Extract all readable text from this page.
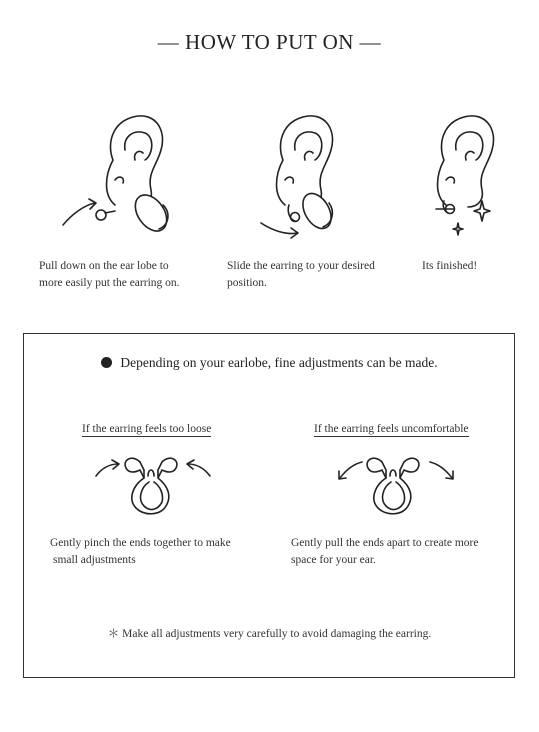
— HOW TO PUT ON —
Pull down on the ear lobe to
more easily put the earring on.
Slide the earring to your desired
position.
Its finished!
Depending on your earlobe, fine adjustments can be made.
If the earring feels too loose	If the earring feels uncomfortable
Gently pinch the ends together to make
small adjustments
Gently pull the ends apart to create more
space for your ear.
＊ Make all adjustments very carefully to avoid damaging the earring.
